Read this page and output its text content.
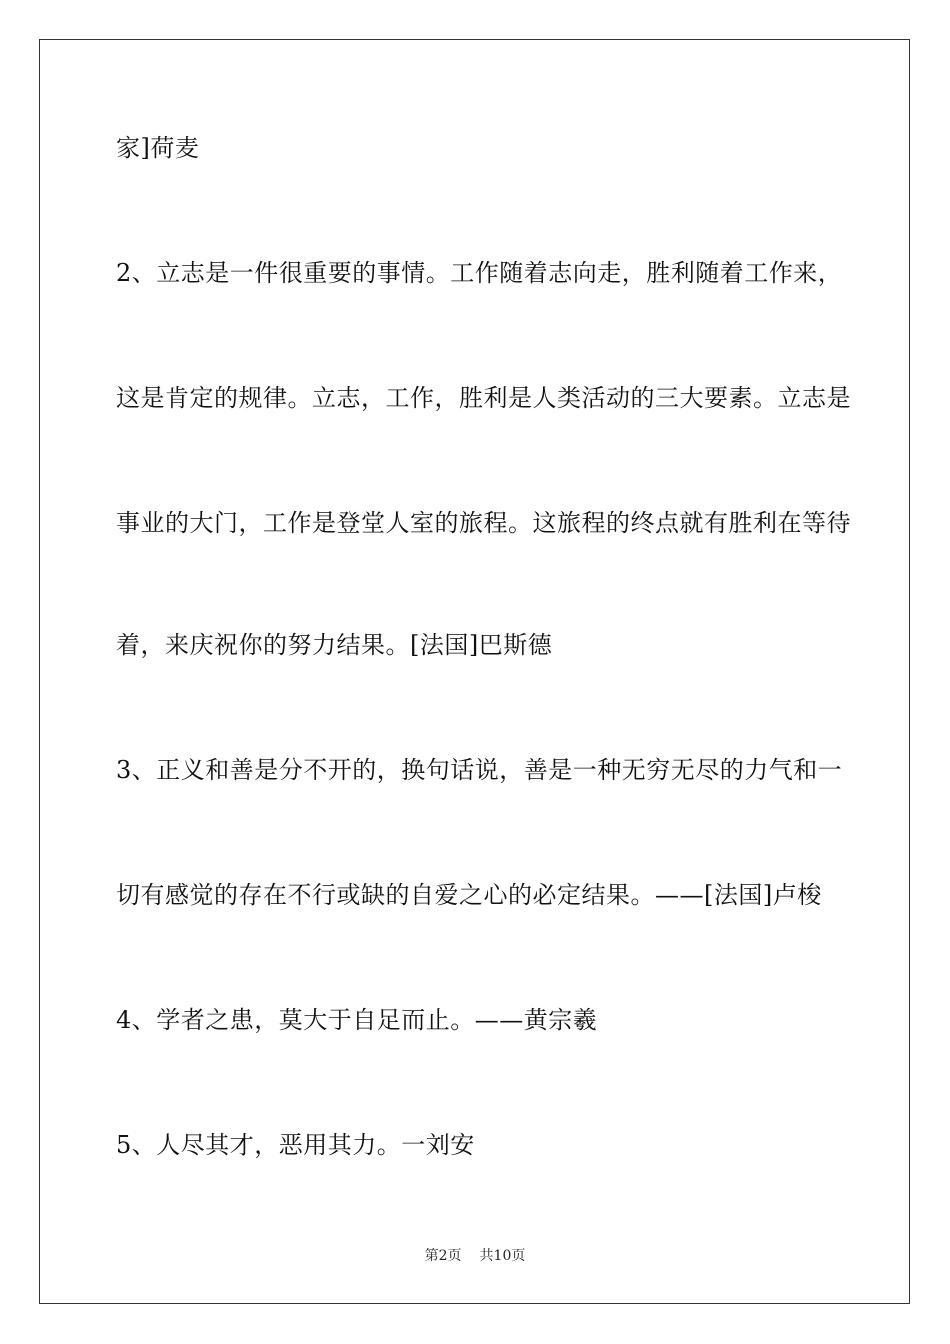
家]荷麦
2、立志是一件很重要的事情。工作随着志向走，胜利随着工作来，
这是肯定的规律。立志，工作，胜利是人类活动的三大要素。立志是
事业的大门，工作是登堂人室的旅程。这旅程的终点就有胜利在等待
着，来庆祝你的努力结果。[法国]巴斯德
3、正义和善是分不开的，换句话说，善是一种无穷无尽的力气和一
切有感觉的存在不行或缺的自爱之心的必定结果。——[法国]卢梭
4、学者之患，莫大于自足而止。——黄宗羲
5、人尽其才，恶用其力。一刘安
第2页 共10页
